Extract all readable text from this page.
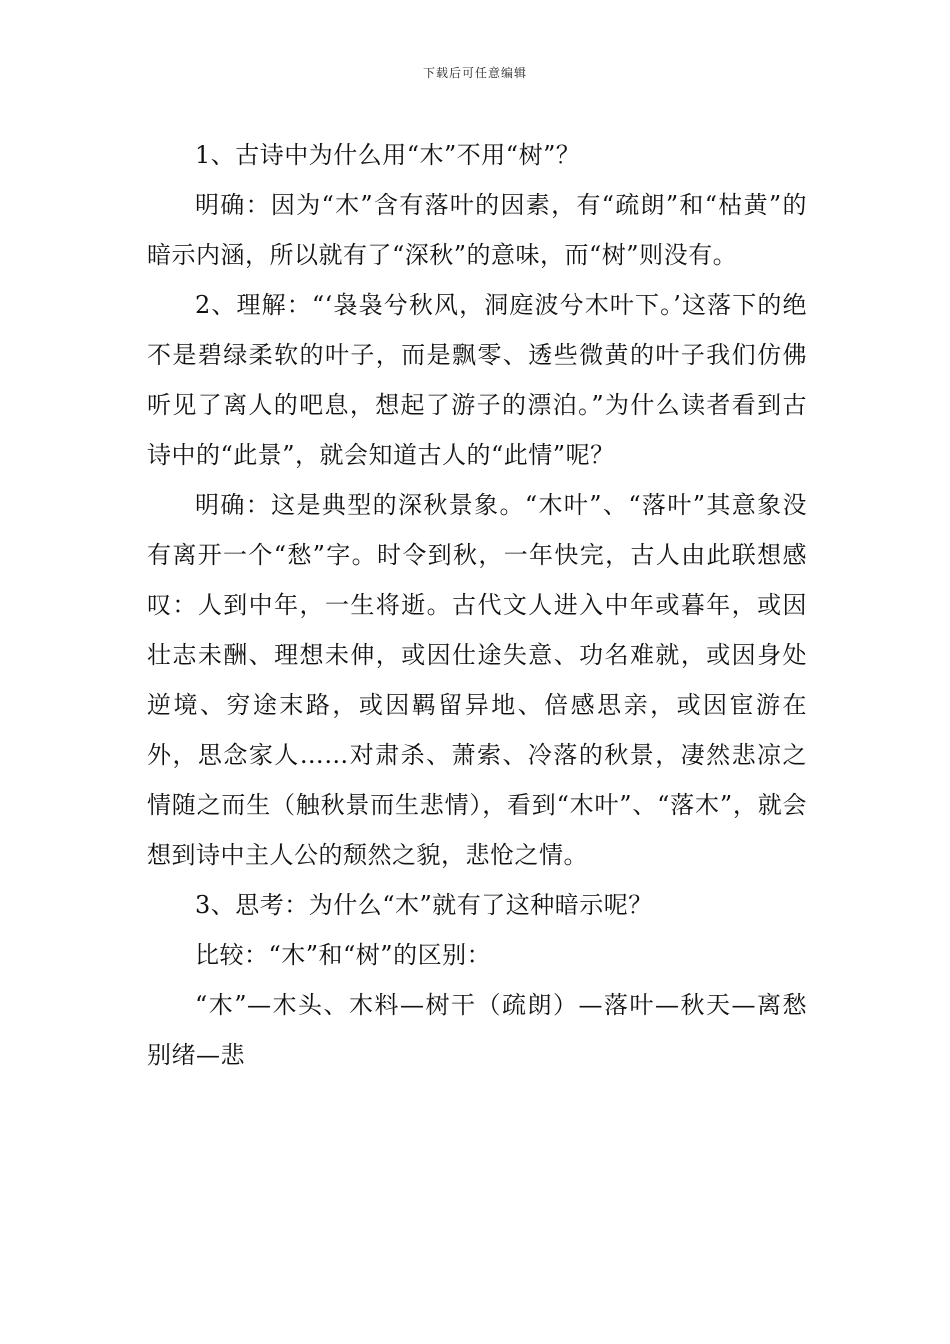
下载后可任意编辑

1、古诗中为什么用“木”不用“树”？

明确：因为“木”含有落叶的因素，有“疏朗”和“枯黄”的暗示内涵，所以就有了“深秋”的意味，而“树”则没有。

2、理解：“‘袅袅兮秋风，洞庭波兮木叶下。’这落下的绝不是碧绿柔软的叶子，而是飘零、透些微黄的叶子我们仿佛听见了离人的吧息，想起了游子的漂泊。”为什么读者看到古诗中的“此景”，就会知道古人的“此情”呢？

明确：这是典型的深秋景象。“木叶”、“落叶”其意象没有离开一个“愁”字。时令到秋，一年快完，古人由此联想感叹：人到中年，一生将逝。古代文人进入中年或暮年，或因壮志未酬、理想未伸，或因仕途失意、功名难就，或因身处逆境、穷途末路，或因羁留异地、倍感思亲，或因宦游在外，思念家人……对肃杀、萧索、冷落的秋景，凄然悲凉之情随之而生（触秋景而生悲情），看到“木叶”、“落木”，就会想到诗中主人公的颓然之貌，悲怆之情。

3、思考：为什么“木”就有了这种暗示呢？

比较：“木”和“树”的区别：

“木”—木头、木料—树干（疏朗）—落叶—秋天—离愁别绪—悲
